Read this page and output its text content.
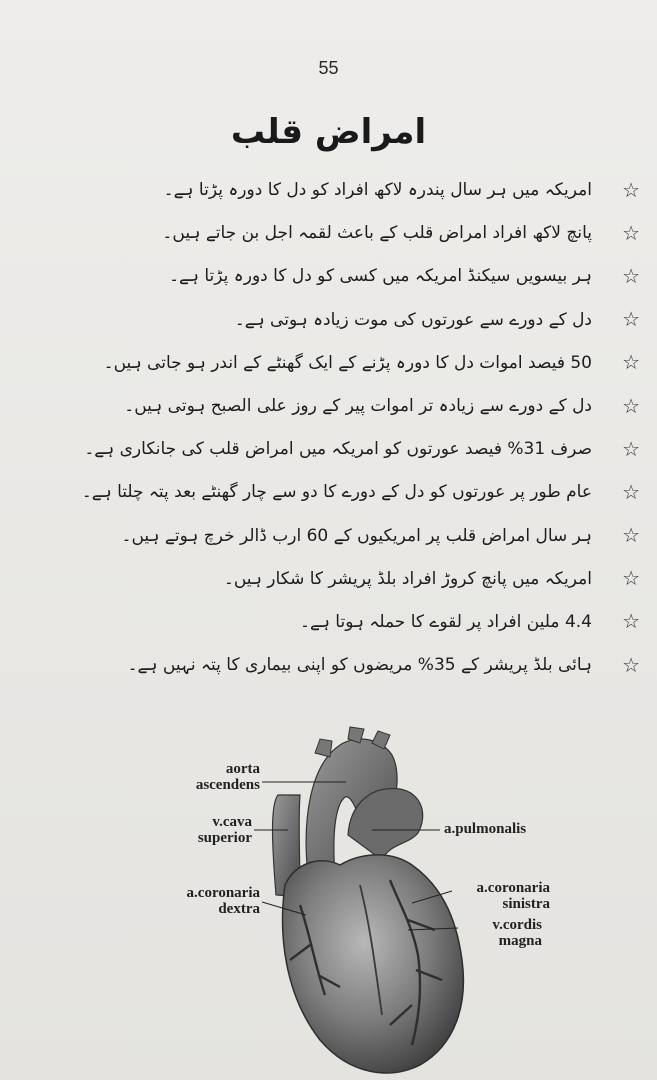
55
امراض قلب
☆
امریکہ میں ہر سال پندرہ لاکھ افراد کو دل کا دورہ پڑتا ہے۔
☆
پانچ لاکھ افراد امراض قلب کے باعث لقمہ اجل بن جاتے ہیں۔
☆
ہر بیسویں سیکنڈ امریکہ میں کسی کو دل کا دورہ پڑتا ہے۔
☆
دل کے دورے سے عورتوں کی موت زیادہ ہوتی ہے۔
☆
50 فیصد اموات دل کا دورہ پڑنے کے ایک گھنٹے کے اندر ہو جاتی ہیں۔
☆
دل کے دورے سے زیادہ تر اموات پیر کے روز علی الصبح ہوتی ہیں۔
☆
صرف 31% فیصد عورتوں کو امریکہ میں امراض قلب کی جانکاری ہے۔
☆
عام طور پر عورتوں کو دل کے دورے کا دو سے چار گھنٹے بعد پتہ چلتا ہے۔
☆
ہر سال امراض قلب پر امریکیوں کے 60 ارب ڈالر خرچ ہوتے ہیں۔
☆
امریکہ میں پانچ کروڑ افراد بلڈ پریشر کا شکار ہیں۔
☆
4.4 ملین افراد پر لقوے کا حملہ ہوتا ہے۔
☆
ہائی بلڈ پریشر کے 35% مریضوں کو اپنی بیماری کا پتہ نہیں ہے۔
aorta
ascendens
v.cava
superior
a.pulmonalis
a.coronaria
dextra
a.coronaria
sinistra
v.cordis
magna
